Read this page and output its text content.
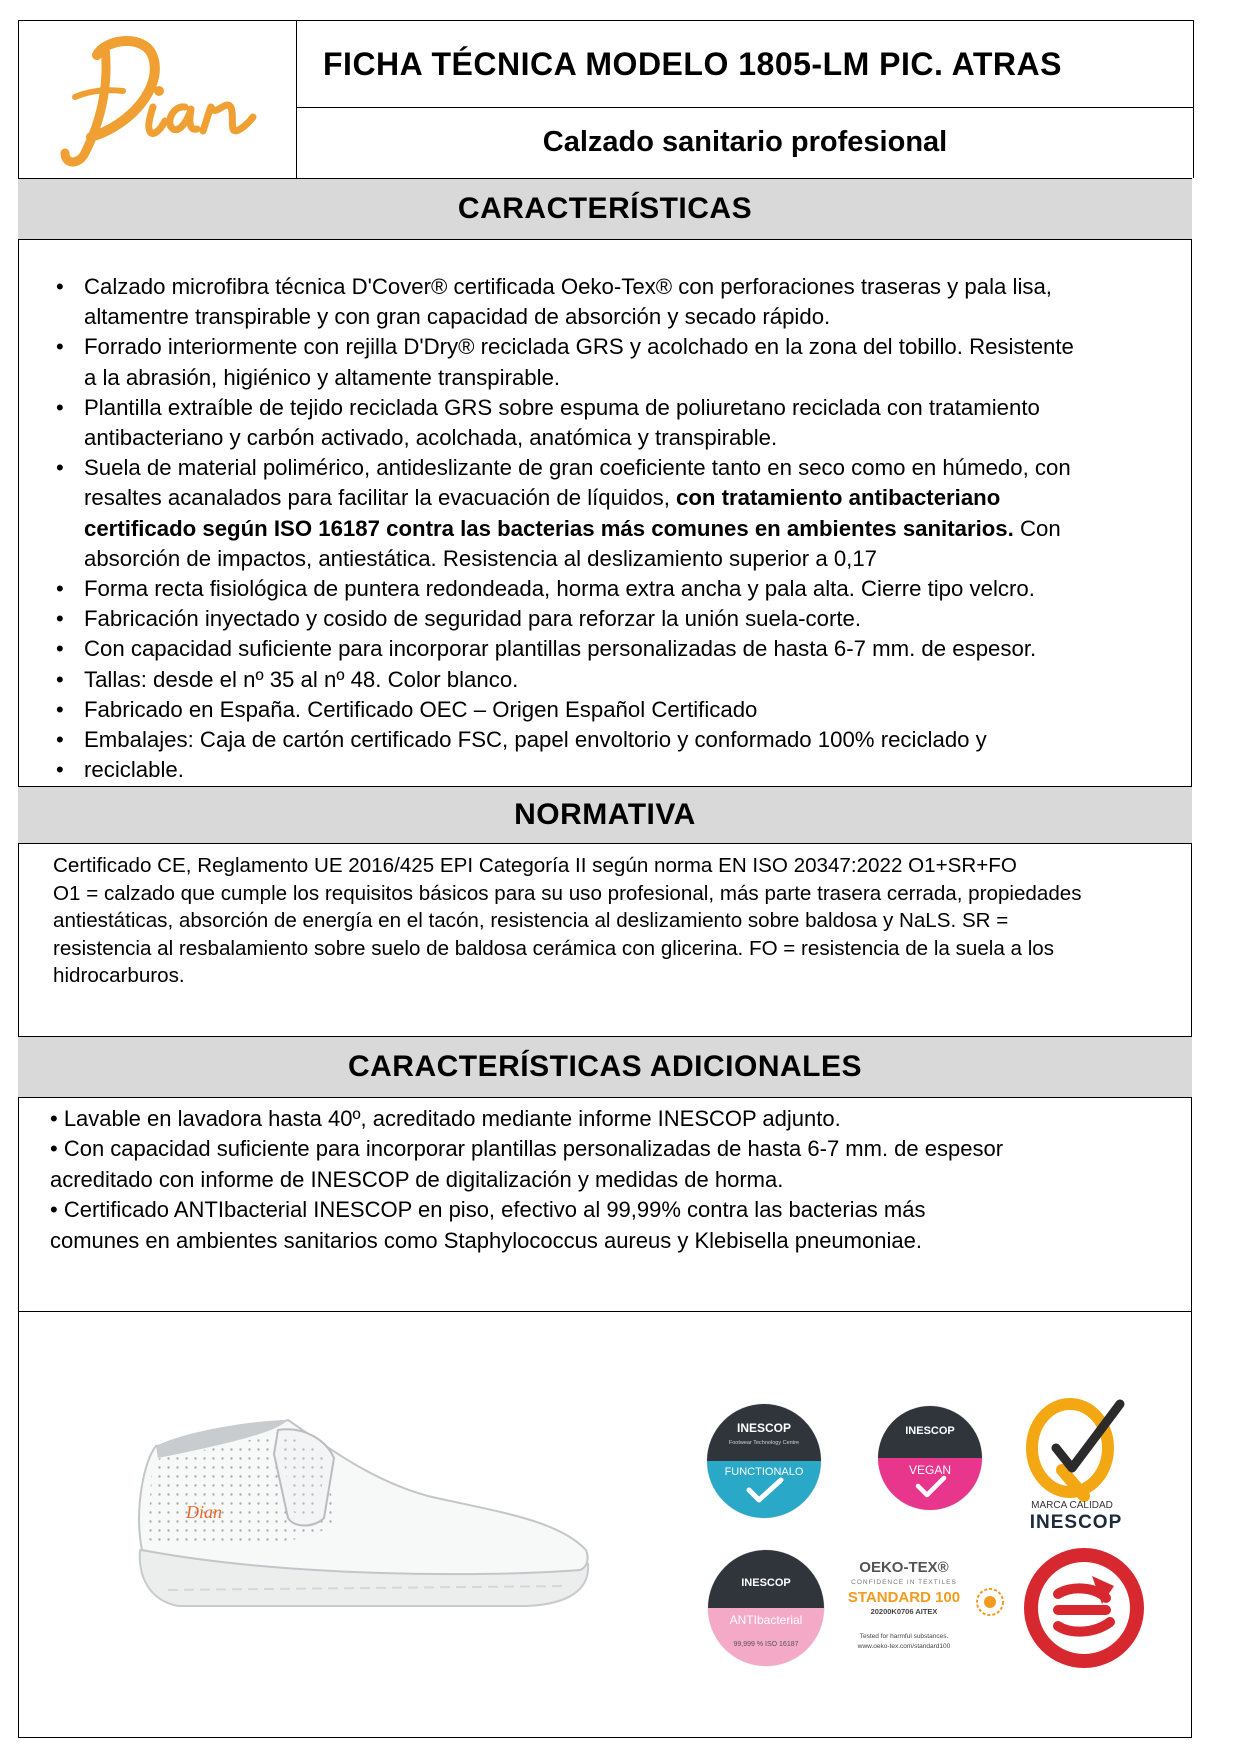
FICHA TÉCNICA MODELO 1805-LM PIC. ATRAS
Calzado sanitario profesional
CARACTERÍSTICAS
• Calzado microfibra técnica D'Cover® certificada Oeko-Tex® con perforaciones traseras y pala lisa,
altamentre transpirable y con gran capacidad de absorción y secado rápido.
• Forrado interiormente con rejilla D'Dry® reciclada GRS y acolchado en la zona del tobillo. Resistente
a la abrasión, higiénico y altamente transpirable.
• Plantilla extraíble de tejido reciclada GRS sobre espuma de poliuretano reciclada con tratamiento
antibacteriano y carbón activado, acolchada, anatómica y transpirable.
• Suela de material polimérico, antideslizante de gran coeficiente tanto en seco como en húmedo, con
resaltes acanalados para facilitar la evacuación de líquidos, con tratamiento antibacteriano
certificado según ISO 16187 contra las bacterias más comunes en ambientes sanitarios. Con
absorción de impactos, antiestática. Resistencia al deslizamiento superior a 0,17
• Forma recta fisiológica de puntera redondeada, horma extra ancha y pala alta. Cierre tipo velcro.
• Fabricación inyectado y cosido de seguridad para reforzar la unión suela-corte.
• Con capacidad suficiente para incorporar plantillas personalizadas de hasta 6-7 mm. de espesor.
• Tallas: desde el nº 35 al nº 48. Color blanco.
• Fabricado en España. Certificado OEC – Origen Español Certificado
• Embalajes: Caja de cartón certificado FSC, papel envoltorio y conformado 100% reciclado y
• reciclable.
NORMATIVA
Certificado CE, Reglamento UE 2016/425 EPI Categoría II según norma EN ISO 20347:2022 O1+SR+FO
O1 = calzado que cumple los requisitos básicos para su uso profesional, más parte trasera cerrada, propiedades
antiestáticas, absorción de energía en el tacón, resistencia al deslizamiento sobre baldosa y NaLS. SR =
resistencia al resbalamiento sobre suelo de baldosa cerámica con glicerina. FO = resistencia de la suela a los
hidrocarburos.
CARACTERÍSTICAS ADICIONALES

• Lavable en lavadora hasta 40º, acreditado mediante informe INESCOP adjunto.

• Con capacidad suficiente para incorporar plantillas personalizadas de hasta 6-7 mm. de espesor
acreditado con informe de INESCOP de digitalización y medidas de horma.

• Certificado ANTIbacterial INESCOP en piso, efectivo al 99,99% contra las bacterias más
comunes en ambientes sanitarios como Staphylococcus aureus y Klebisella pneumoniae.

Dian
INESCOP
Footwear Technology Centre
FUNCTIONALO
INESCOP
VEGAN
MARCA CALIDAD
INESCOP
INESCOP
ANTIbacterial
99,999 % ISO 16187
OEKO-TEX®
CONFIDENCE IN TEXTILES
STANDARD 100
20200K0706 AITEX
Tested for harmful substances.
www.oeko-tex.com/standard100
